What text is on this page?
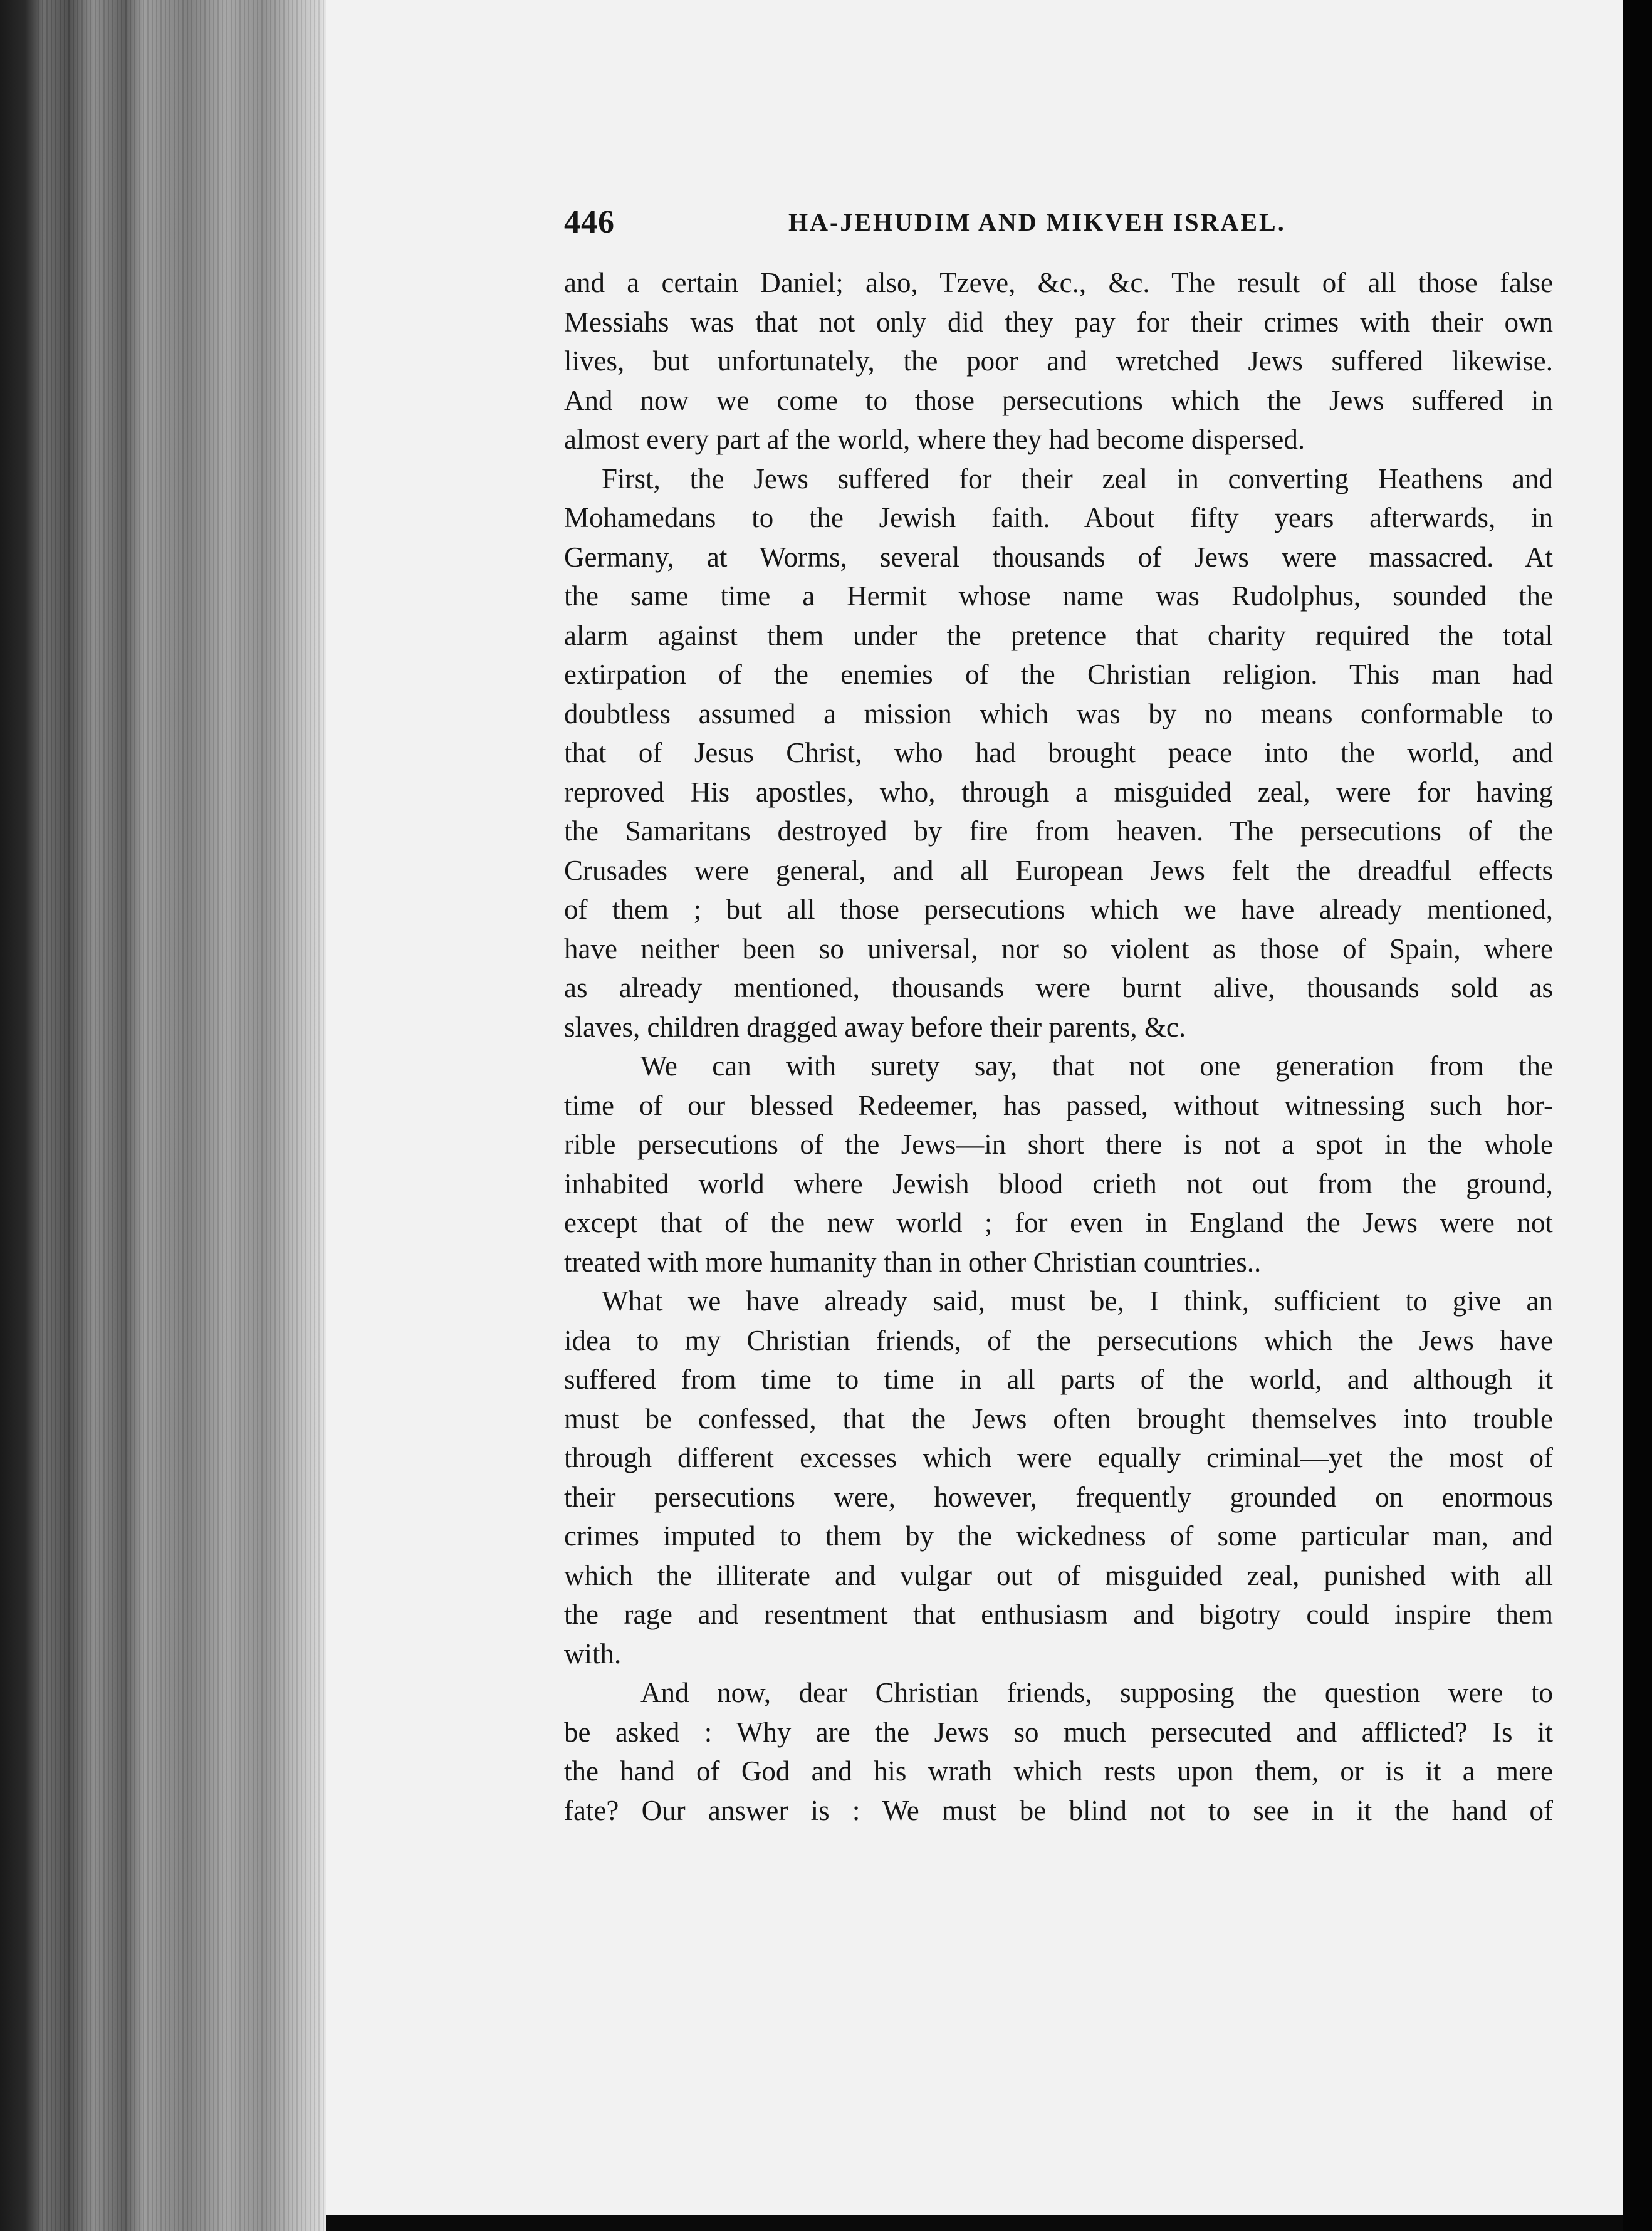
446	HA-JEHUDIM AND MIKVEH ISRAEL.
and a certain Daniel; also, Tzeve, &c., &c. The result of all those false
Messiahs was that not only did they pay for their crimes with their own
lives, but unfortunately, the poor and wretched Jews suffered likewise.
And now we come to those persecutions which the Jews suffered in
almost every part af the world, where they had become dispersed.
First, the Jews suffered for their zeal in converting Heathens and
Mohamedans to the Jewish faith. About fifty years afterwards, in
Germany, at Worms, several thousands of Jews were massacred. At
the same time a Hermit whose name was Rudolphus, sounded the
alarm against them under the pretence that charity required the total
extirpation of the enemies of the Christian religion. This man had
doubtless assumed a mission which was by no means conformable to
that of Jesus Christ, who had brought peace into the world, and
reproved His apostles, who, through a misguided zeal, were for having
the Samaritans destroyed by fire from heaven. The persecutions of the
Crusades were general, and all European Jews felt the dreadful effects
of them ; but all those persecutions which we have already mentioned,
have neither been so universal, nor so violent as those of Spain, where
as already mentioned, thousands were burnt alive, thousands sold as
slaves, children dragged away before their parents, &c.
We can with surety say, that not one generation from the
time of our blessed Redeemer, has passed, without witnessing such hor-
rible persecutions of the Jews—in short there is not a spot in the whole
inhabited world where Jewish blood crieth not out from the ground,
except that of the new world ; for even in England the Jews were not
treated with more humanity than in other Christian countries..
What we have already said, must be, I think, sufficient to give an
idea to my Christian friends, of the persecutions which the Jews have
suffered from time to time in all parts of the world, and although it
must be confessed, that the Jews often brought themselves into trouble
through different excesses which were equally criminal—yet the most of
their persecutions were, however, frequently grounded on enormous
crimes imputed to them by the wickedness of some particular man, and
which the illiterate and vulgar out of misguided zeal, punished with all
the rage and resentment that enthusiasm and bigotry could inspire them
with.
And now, dear Christian friends, supposing the question were to
be asked : Why are the Jews so much persecuted and afflicted? Is it
the hand of God and his wrath which rests upon them, or is it a mere
fate? Our answer is : We must be blind not to see in it the hand of
